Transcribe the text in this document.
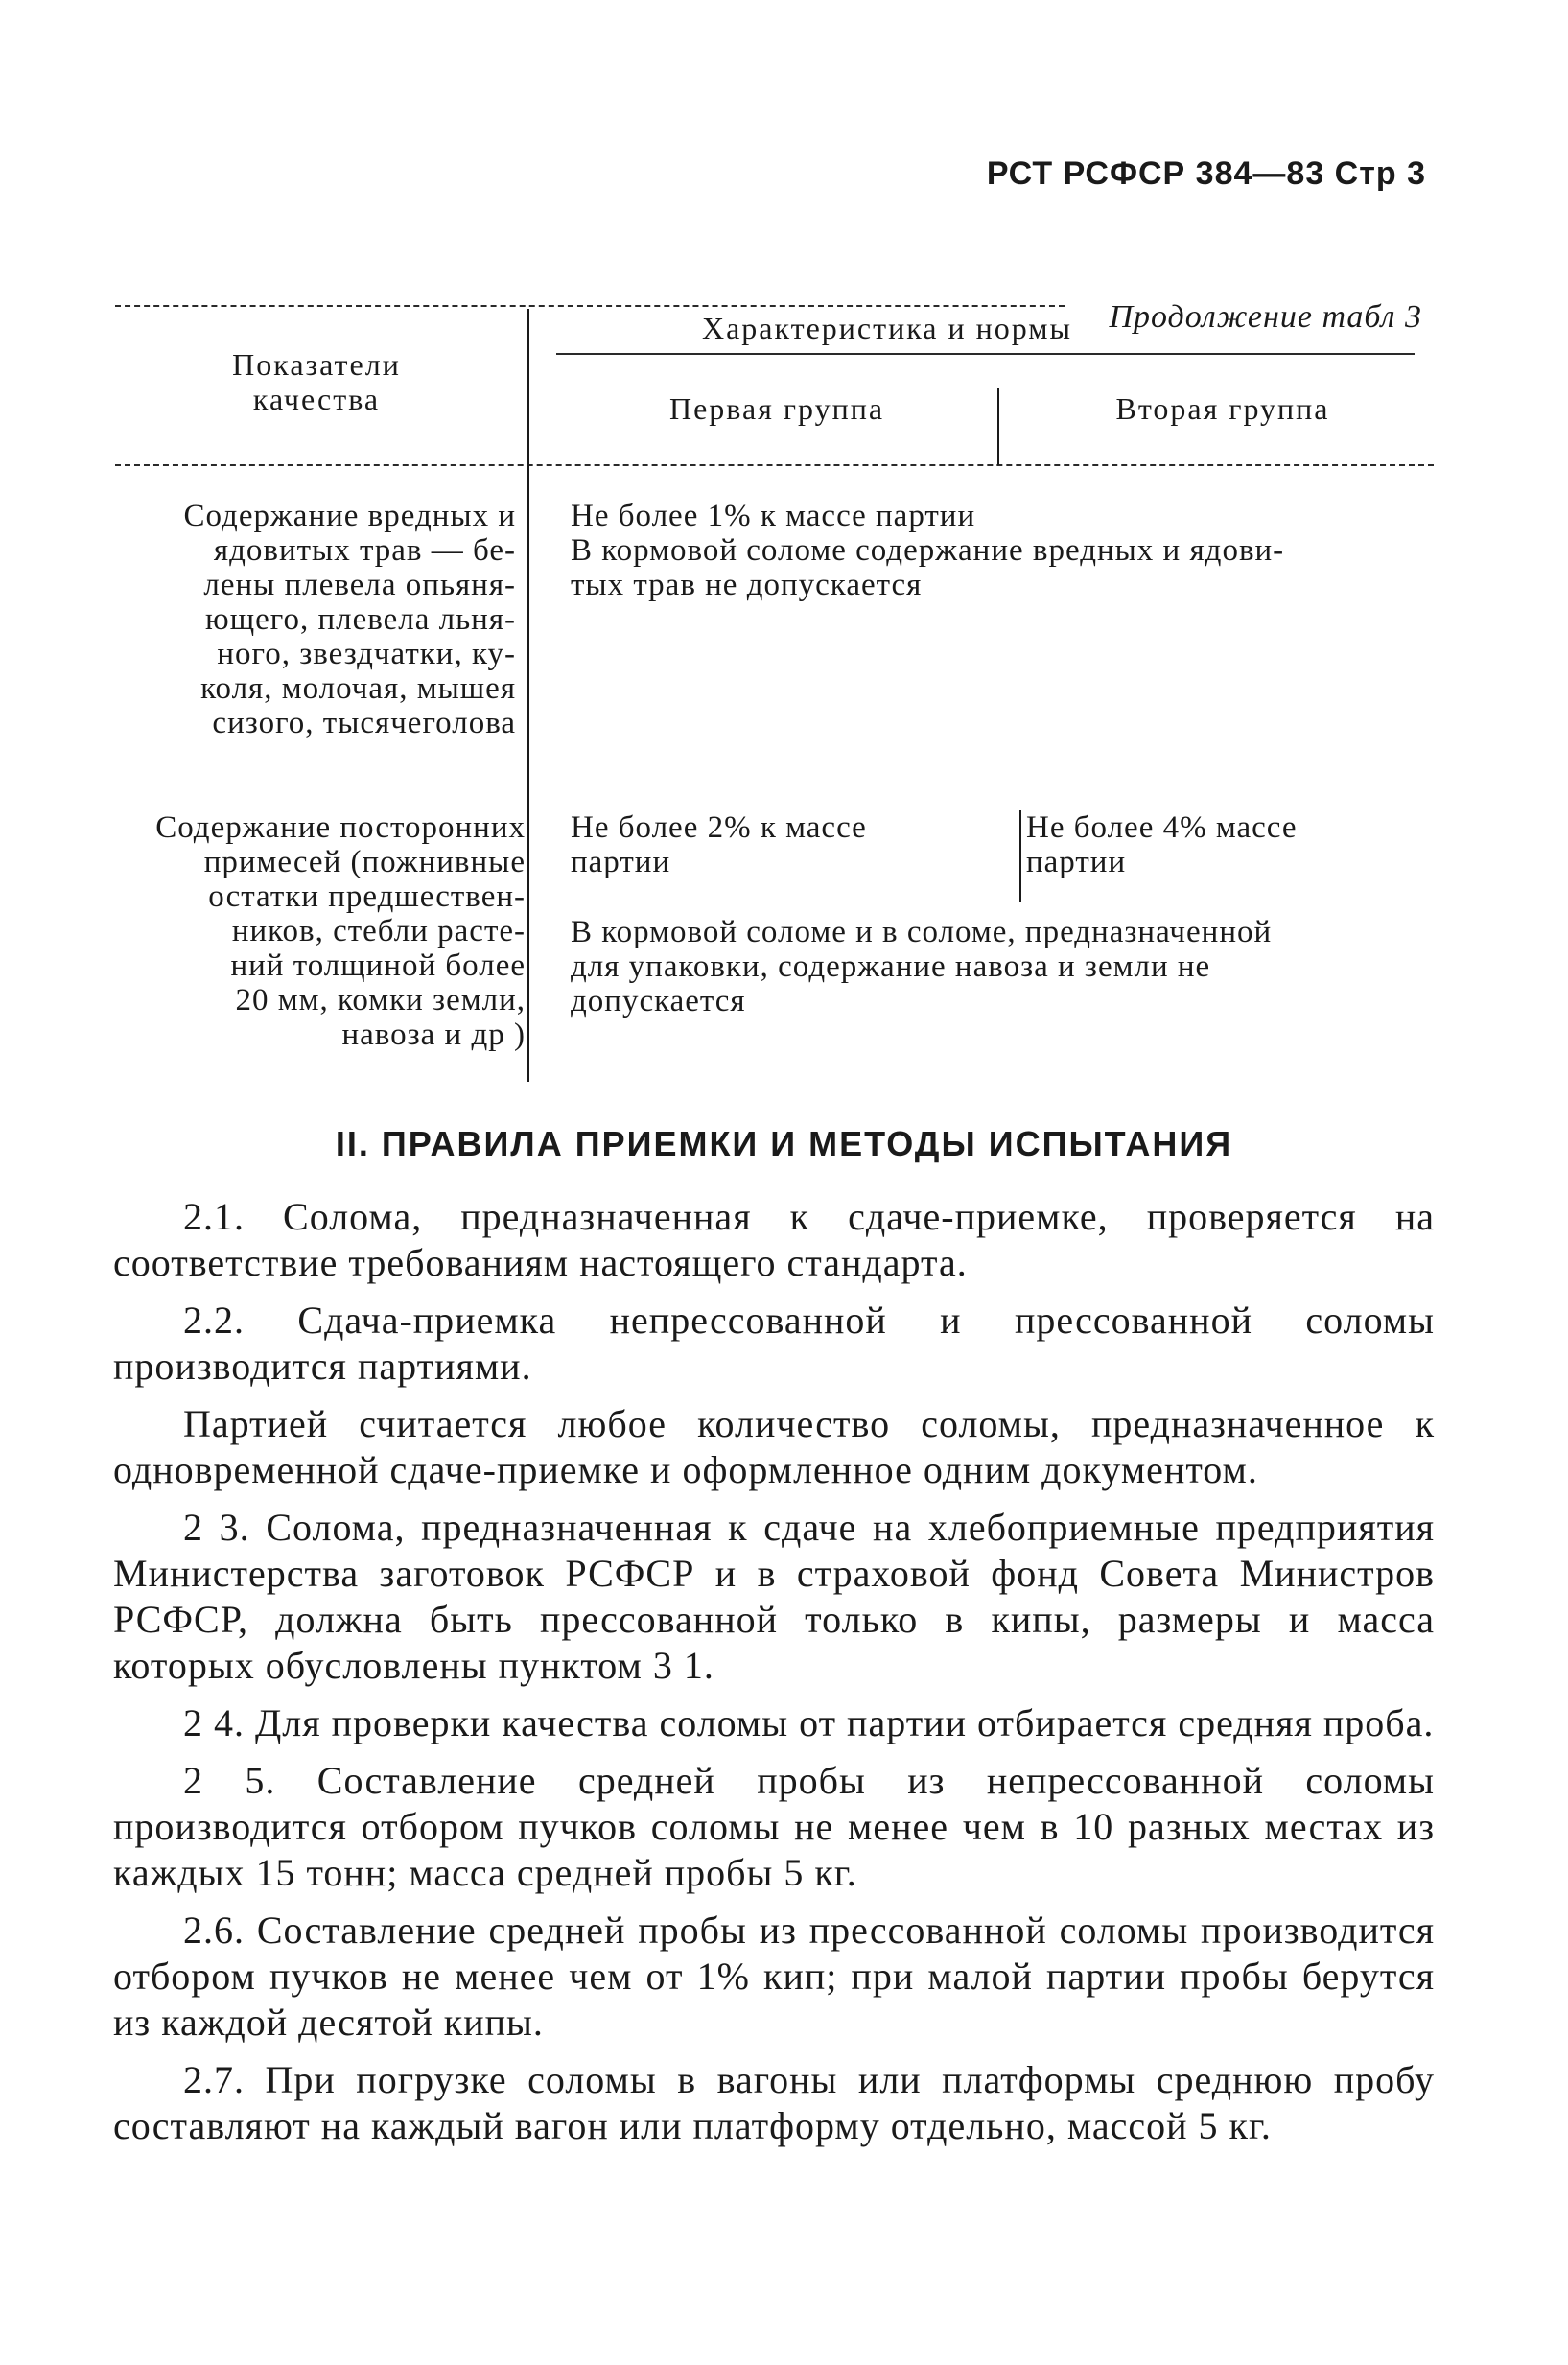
РСТ РСФСР 384—83 Стр 3
Продолжение табл 3
Показатели
качества
Характеристика и нормы
Первая группа	Вторая группа
Содержание вредных и
ядовитых трав — бе-
лены плевела опьяня-
ющего, плевела льня-
ного, звездчатки, ку-
коля, молочая, мышея
сизого, тысячеголова
Не более 1% к массе партии
В кормовой соломе содержание вредных и ядови-
тых трав не допускается
Содержание посторонних
примесей (пожнивные
остатки предшествен-
ников, стебли расте-
ний толщиной более
20 мм, комки земли,
навоза и др )
Не более 2% к массе
партии
Не более 4% массе
партии
В кормовой соломе и в соломе, предназначенной
для упаковки, содержание навоза и земли не
допускается
II. ПРАВИЛА ПРИЕМКИ И МЕТОДЫ ИСПЫТАНИЯ

2.1. Солома, предназначенная к сдаче-приемке, проверяется на соответствие требованиям настоящего стандарта.

2.2. Сдача-приемка непрессованной и прессованной соломы производится партиями.

Партией считается любое количество соломы, предназначенное к одновременной сдаче-приемке и оформленное одним документом.

2 3. Солома, предназначенная к сдаче на хлебоприемные предприятия Министерства заготовок РСФСР и в страховой фонд Совета Министров РСФСР, должна быть прессованной только в кипы, размеры и масса которых обусловлены пунктом 3 1.

2 4. Для проверки качества соломы от партии отбирается средняя проба.

2 5. Составление средней пробы из непрессованной соломы производится отбором пучков соломы не менее чем в 10 разных местах из каждых 15 тонн; масса средней пробы 5 кг.

2.6. Составление средней пробы из прессованной соломы производится отбором пучков не менее чем от 1% кип; при малой партии пробы берутся из каждой десятой кипы.

2.7. При погрузке соломы в вагоны или платформы среднюю пробу составляют на каждый вагон или платформу отдельно, массой 5 кг.
